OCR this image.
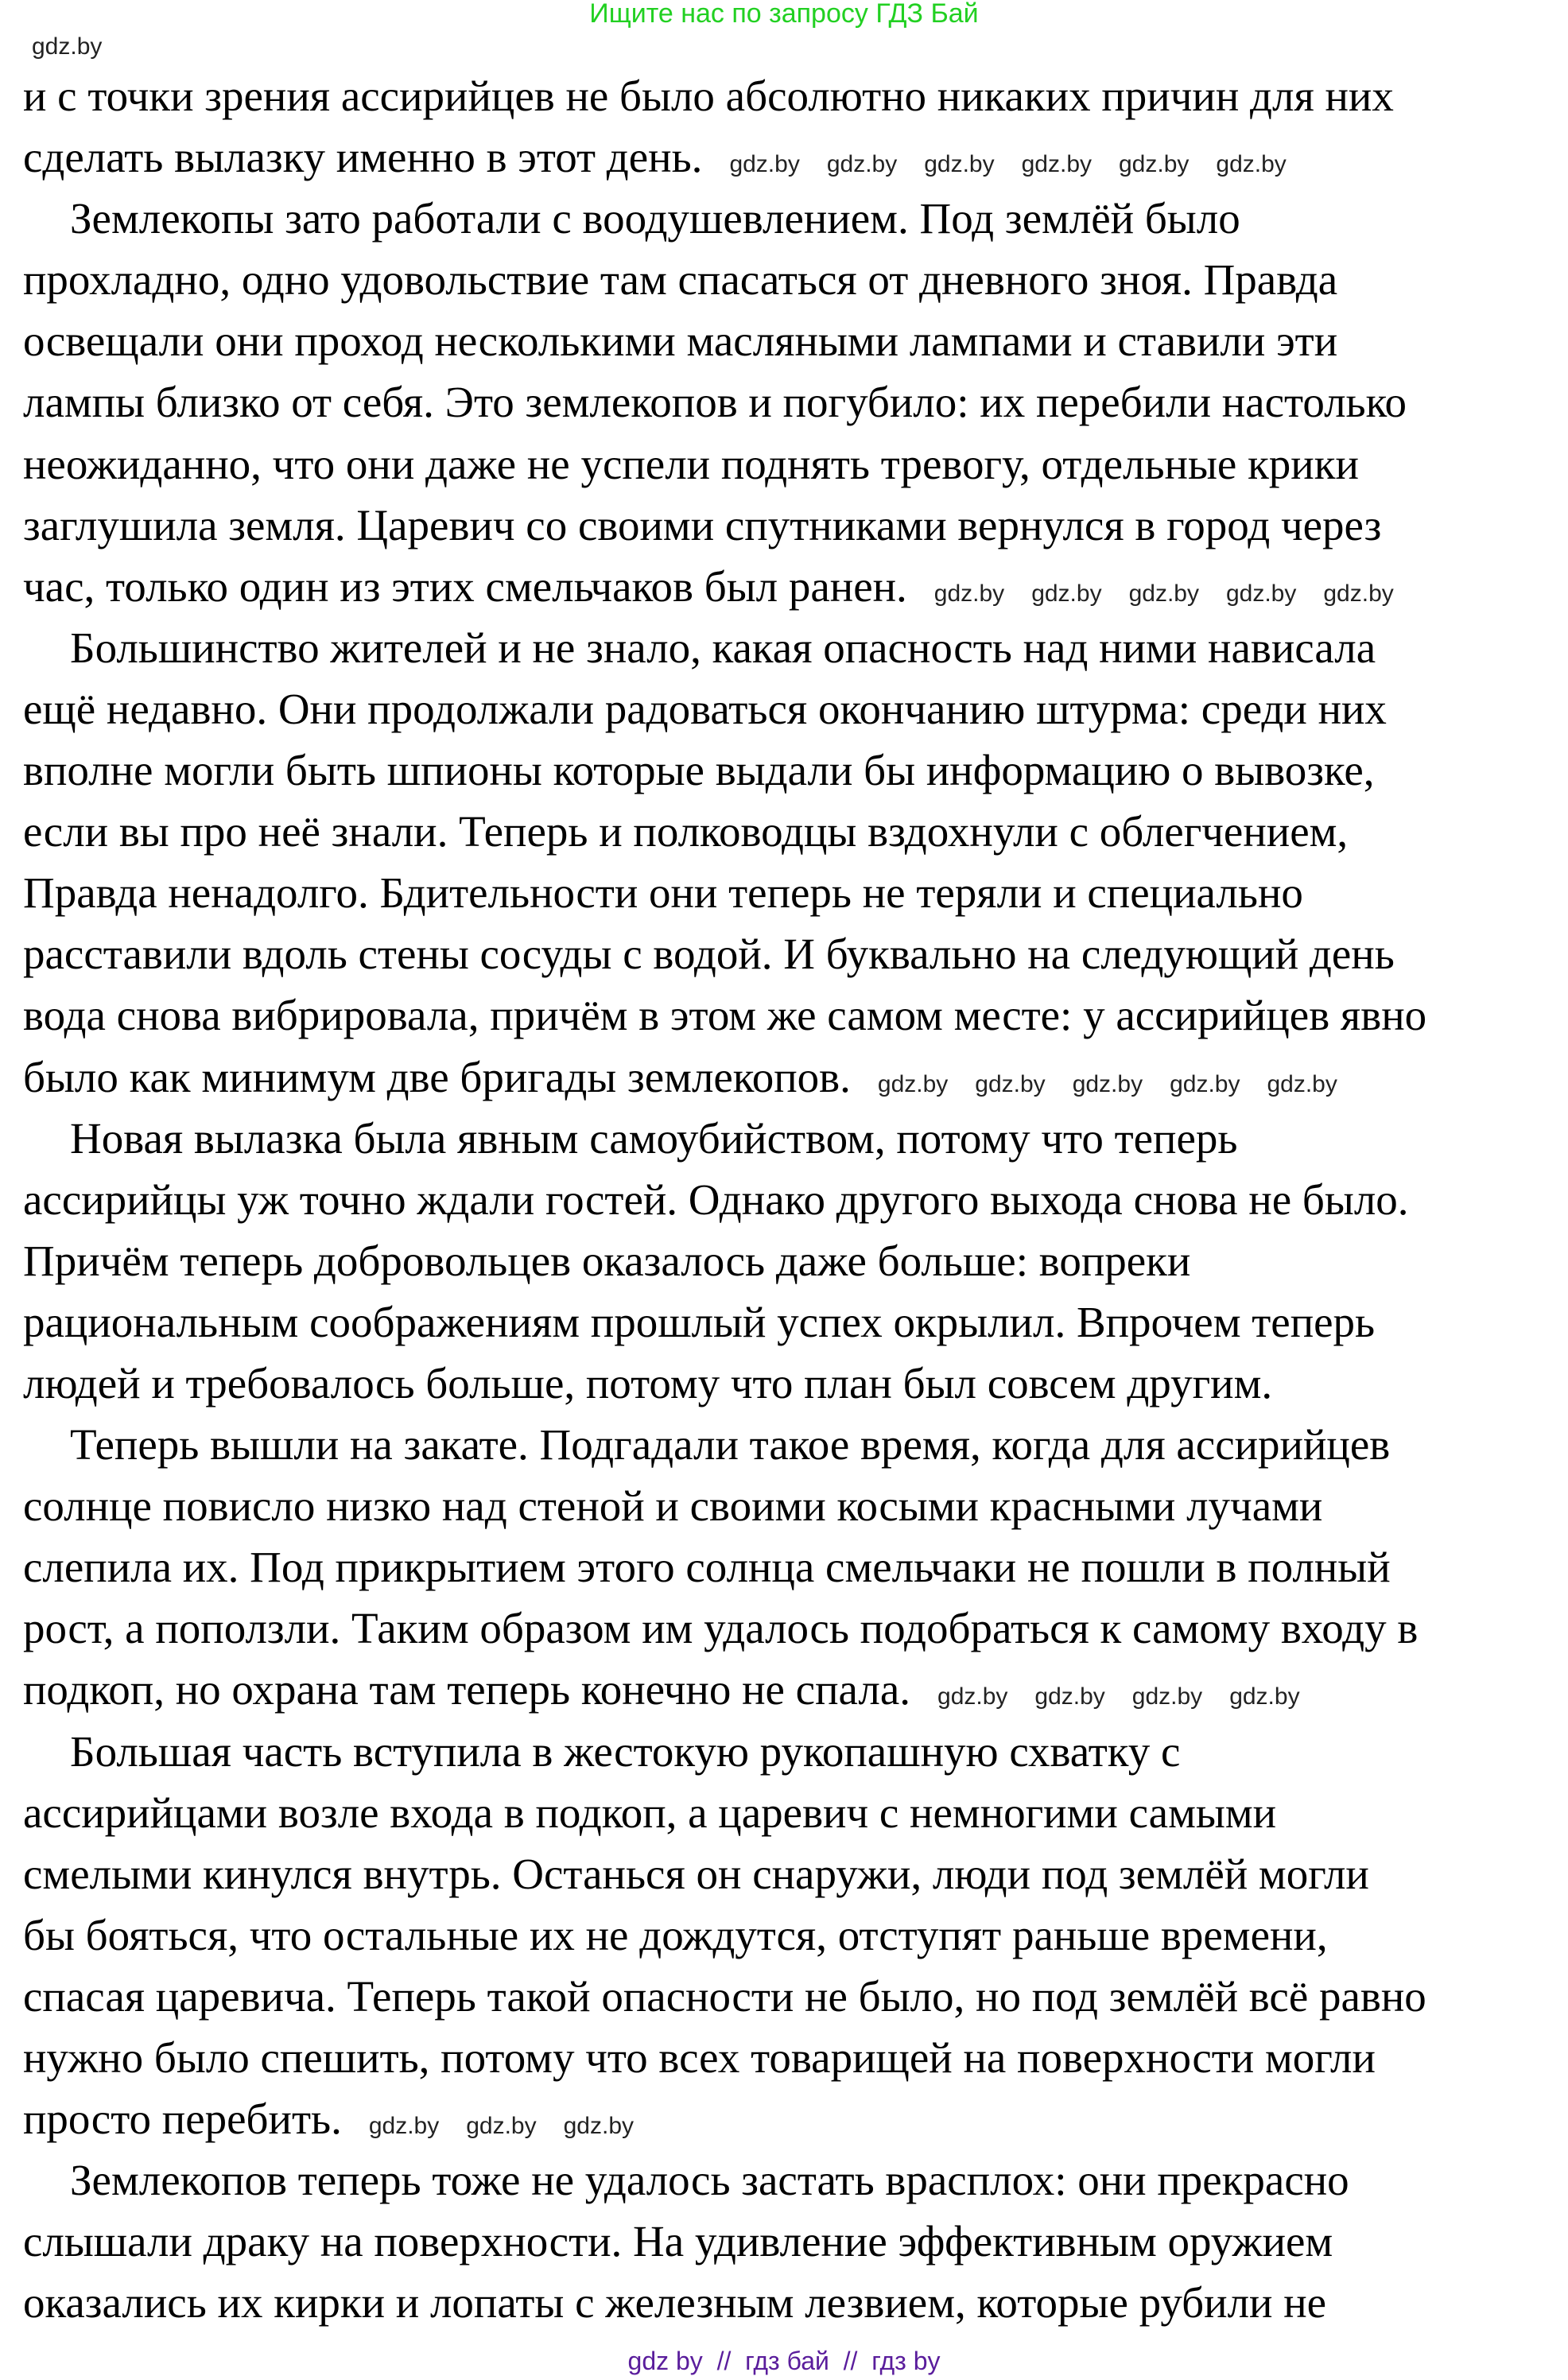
Ищите нас по запросу ГДЗ Бай
gdz.by
и с точки зрения ассирийцев не было абсолютно никаких причин для них
сделать вылазку именно в этот день. gdz.by gdz.by gdz.by gdz.by gdz.by gdz.by
Землекопы зато работали с воодушевлением. Под землёй было
прохладно, одно удовольствие там спасаться от дневного зноя. Правда
освещали они проход несколькими масляными лампами и ставили эти
лампы близко от себя. Это землекопов и погубило: их перебили настолько
неожиданно, что они даже не успели поднять тревогу, отдельные крики
заглушила земля. Царевич со своими спутниками вернулся в город через
час, только один из этих смельчаков был ранен. gdz.by gdz.by gdz.by gdz.by gdz.by
Большинство жителей и не знало, какая опасность над ними нависала
ещё недавно. Они продолжали радоваться окончанию штурма: среди них
вполне могли быть шпионы которые выдали бы информацию о вывозке,
если вы про неё знали. Теперь и полководцы вздохнули с облегчением,
Правда ненадолго. Бдительности они теперь не теряли и специально
расставили вдоль стены сосуды с водой. И буквально на следующий день
вода снова вибрировала, причём в этом же самом месте: у ассирийцев явно
было как минимум две бригады землекопов. gdz.by gdz.by gdz.by gdz.by gdz.by
Новая вылазка была явным самоубийством, потому что теперь
ассирийцы уж точно ждали гостей. Однако другого выхода снова не было.
Причём теперь добровольцев оказалось даже больше: вопреки
рациональным соображениям прошлый успех окрылил. Впрочем теперь
людей и требовалось больше, потому что план был совсем другим.
Теперь вышли на закате. Подгадали такое время, когда для ассирийцев
солнце повисло низко над стеной и своими косыми красными лучами
слепила их. Под прикрытием этого солнца смельчаки не пошли в полный
рост, а поползли. Таким образом им удалось подобраться к самому входу в
подкоп, но охрана там теперь конечно не спала. gdz.by gdz.by gdz.by gdz.by
Большая часть вступила в жестокую рукопашную схватку с
ассирийцами возле входа в подкоп, а царевич с немногими самыми
смелыми кинулся внутрь. Останься он снаружи, люди под землёй могли
бы бояться, что остальные их не дождутся, отступят раньше времени,
спасая царевича. Теперь такой опасности не было, но под землёй всё равно
нужно было спешить, потому что всех товарищей на поверхности могли
просто перебить. gdz.by gdz.by gdz.by
Землекопов теперь тоже не удалось застать врасплох: они прекрасно
слышали драку на поверхности. На удивление эффективным оружием
оказались их кирки и лопаты с железным лезвием, которые рубили не
gdz by  //  гдз бай  //  гдз by
